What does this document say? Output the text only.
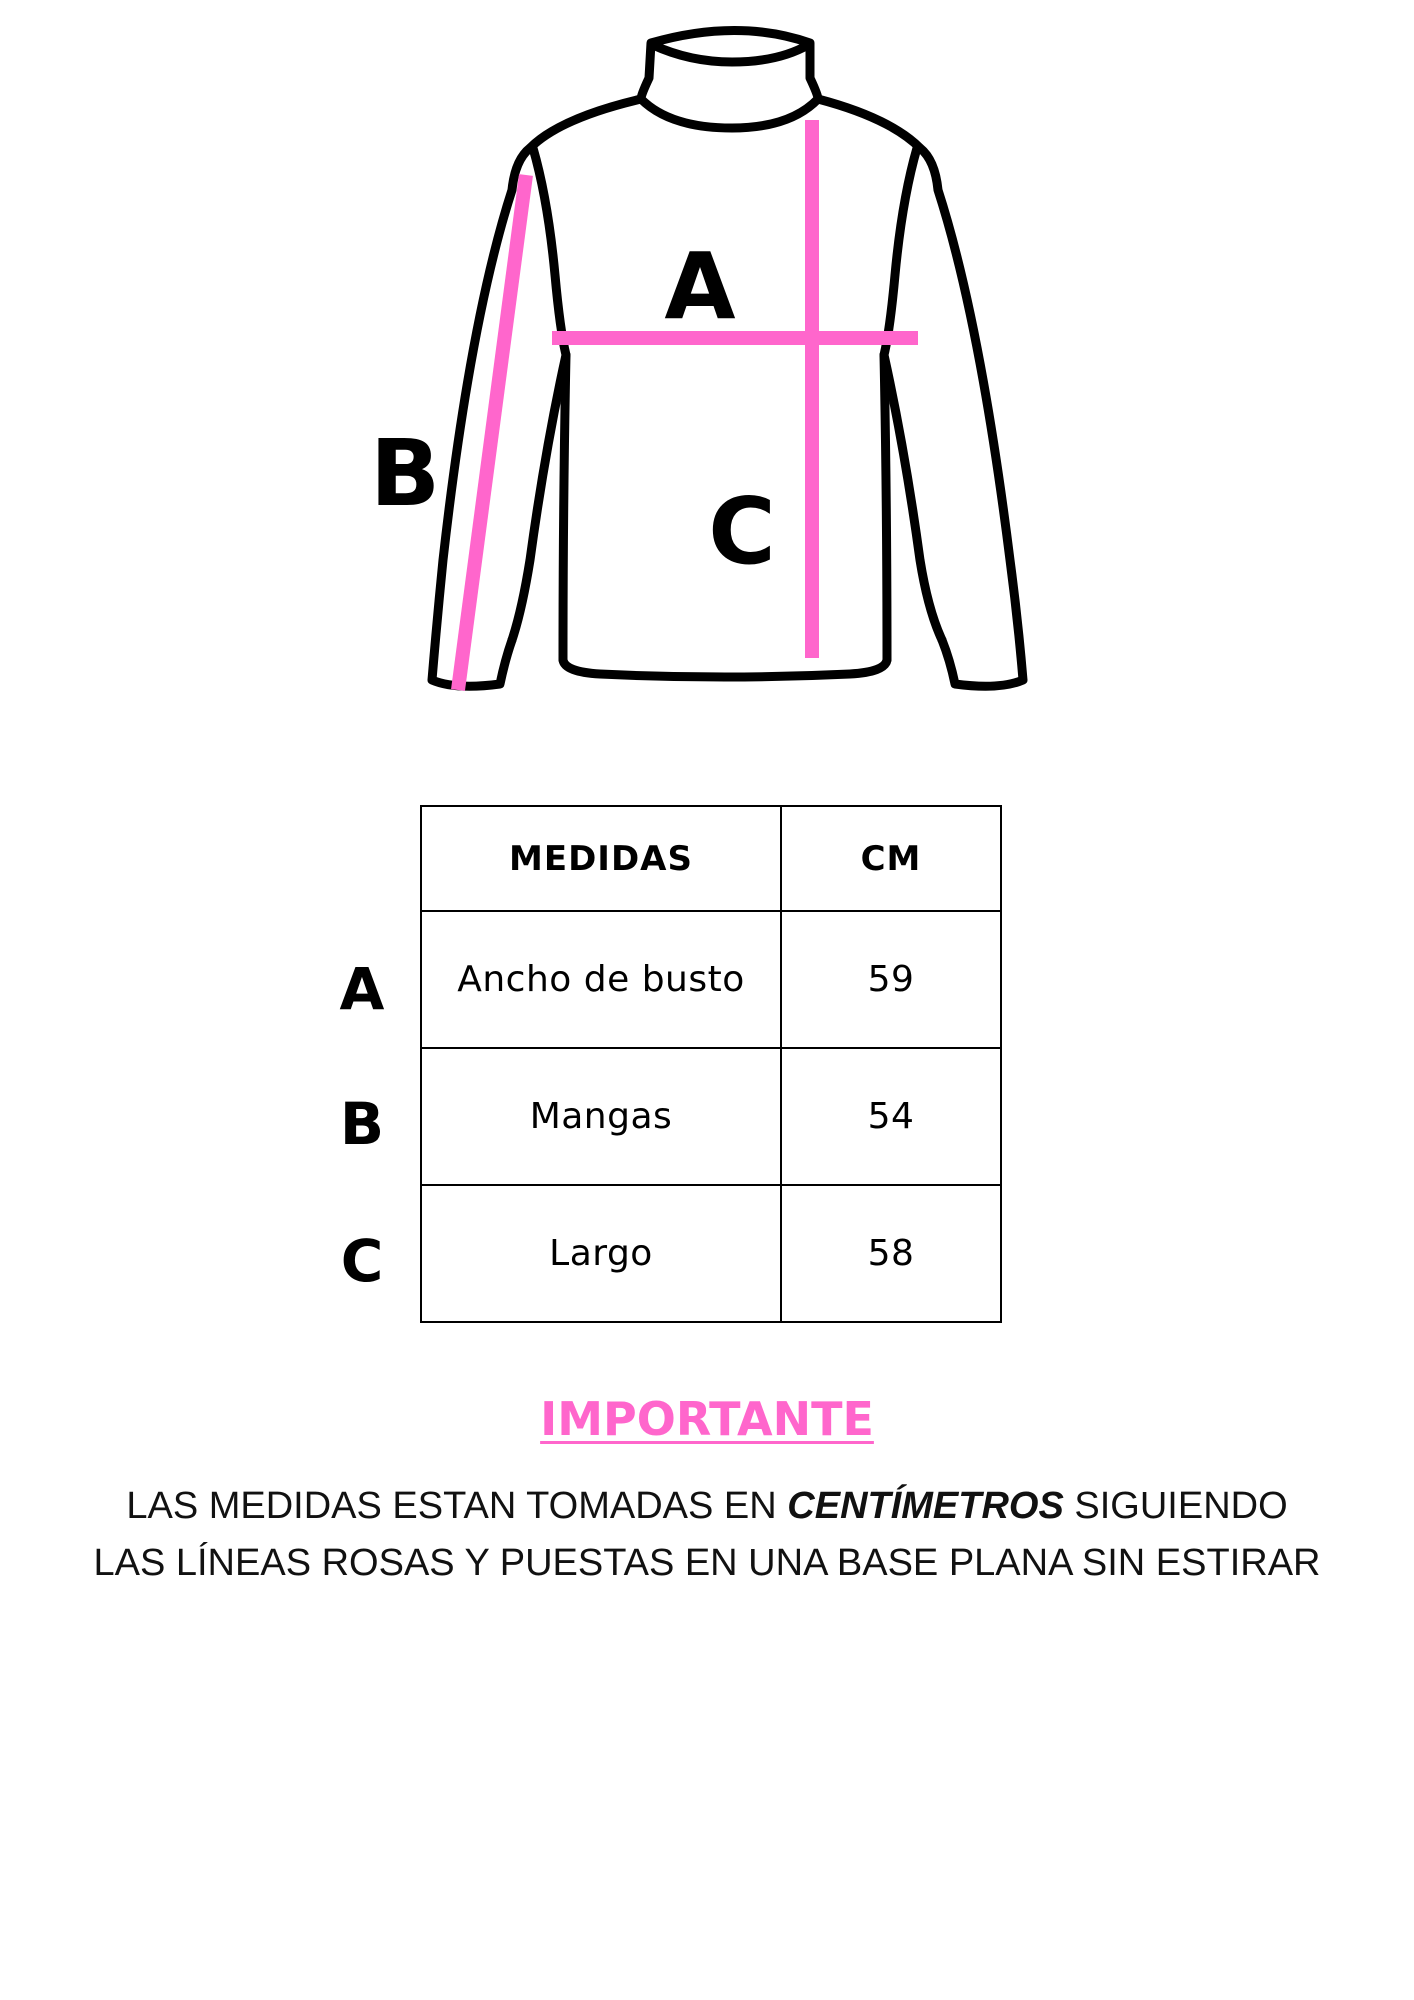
A
B
C
A
B
C
MEDIDAS	CM
Ancho de busto	59
Mangas	54
Largo	58
IMPORTANTE
LAS MEDIDAS ESTAN TOMADAS EN CENTÍMETROS SIGUIENDO
LAS LÍNEAS ROSAS Y PUESTAS EN UNA BASE PLANA SIN ESTIRAR
